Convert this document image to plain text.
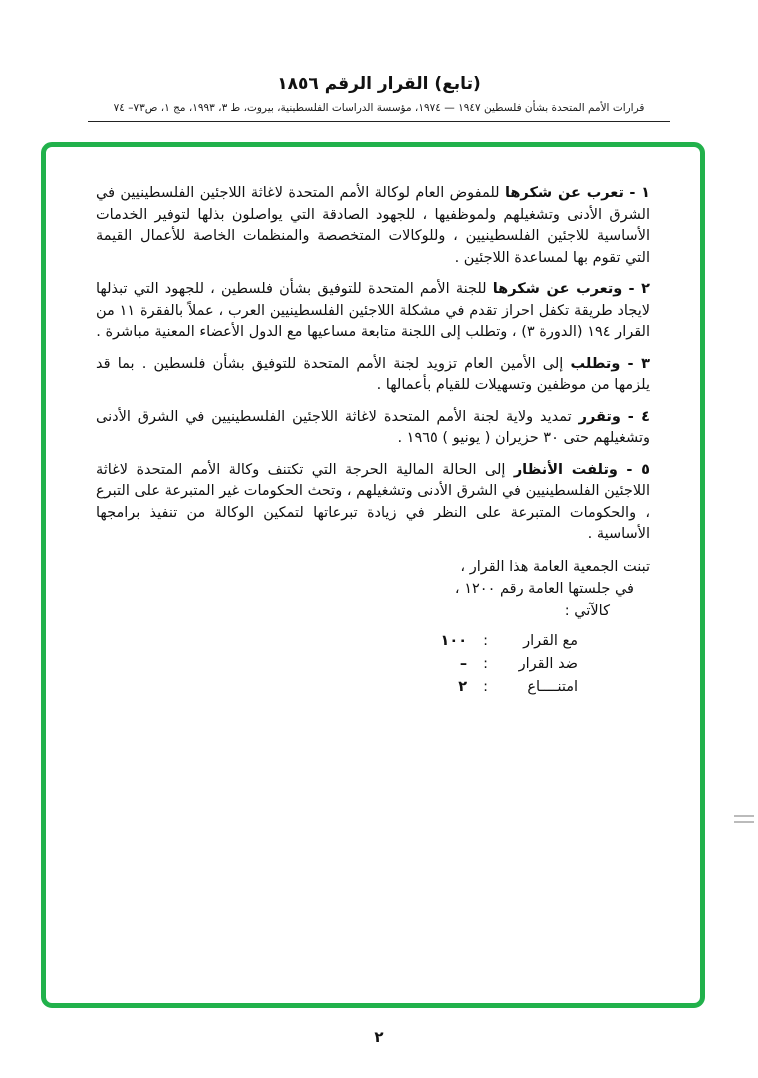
(تابع) القرار الرقم ١٨٥٦
قرارات الأمم المتحدة بشأن فلسطين ١٩٤٧ — ١٩٧٤، مؤسسة الدراسات الفلسطينية، بيروت، ط ٣، ١٩٩٣، مج ١، ص٧٣– ٧٤

١ - تعرب عن شكرها للمفوض العام لوكالة الأمم المتحدة لاغاثة اللاجئين الفلسطينيين في الشرق الأدنى وتشغيلهم ولموظفيها ، للجهود الصادقة التي يواصلون بذلها لتوفير الخدمات الأساسية للاجئين الفلسطينيين ، وللوكالات المتخصصة والمنظمات الخاصة للأعمال القيمة التي تقوم بها لمساعدة اللاجئين .

٢ - وتعرب عن شكرها للجنة الأمم المتحدة للتوفيق بشأن فلسطين ، للجهود التي تبذلها لايجاد طريقة تكفل احراز تقدم في مشكلة اللاجئين الفلسطينيين العرب ، عملاً بالفقرة ١١ من القرار ١٩٤ (الدورة ٣) ، وتطلب إلى اللجنة متابعة مساعيها مع الدول الأعضاء المعنية مباشرة .

٣ - وتطلب إلى الأمين العام تزويد لجنة الأمم المتحدة للتوفيق بشأن فلسطين . بما قد يلزمها من موظفين وتسهيلات للقيام بأعمالها .

٤ - وتقرر تمديد ولاية لجنة الأمم المتحدة لاغاثة اللاجئين الفلسطينيين في الشرق الأدنى وتشغيلهم حتى ٣٠ حزيران ( يونيو ) ١٩٦٥ .

٥ - وتلفت الأنظار إلى الحالة المالية الحرجة التي تكتنف وكالة الأمم المتحدة لاغاثة اللاجئين الفلسطينيين في الشرق الأدنى وتشغيلهم ، وتحث الحكومات غير المتبرعة على التبرع ، والحكومات المتبرعة على النظر في زيادة تبرعاتها لتمكين الوكالة من تنفيذ برامجها الأساسية .

تبنت الجمعية العامة هذا القرار ،
في جلستها العامة رقم ١٢٠٠ ،
كالآتي :
مع القرار
:
١٠٠
ضد القرار
:
–
امتنــــاع
:
٢
٢
